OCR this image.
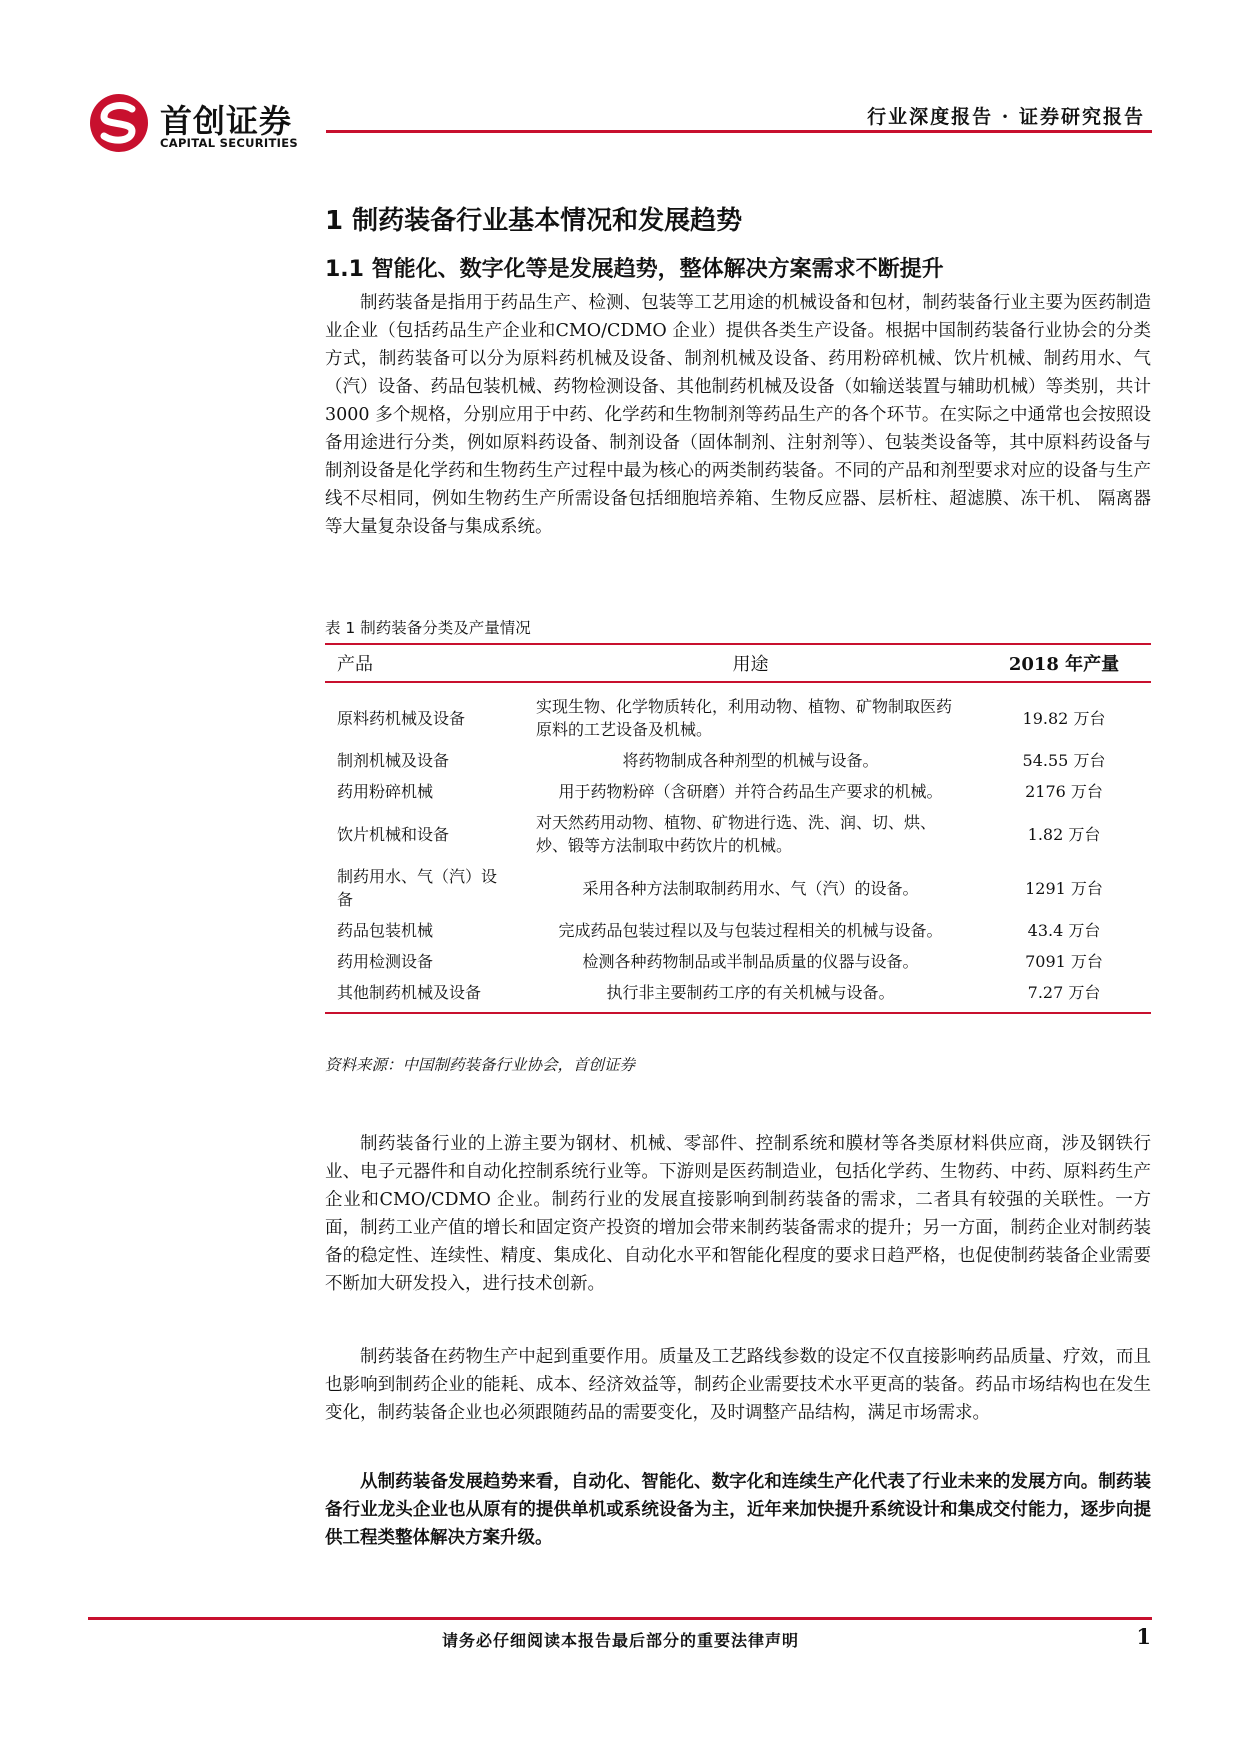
首创证券
CAPITAL SECURITIES
行业深度报告 · 证券研究报告
1 制药装备行业基本情况和发展趋势
1.1 智能化、数字化等是发展趋势，整体解决方案需求不断提升

制药装备是指用于药品生产、检测、包装等工艺用途的机械设备和包材，制药装备行业主要为医药制造业企业（包括药品生产企业和CMO/CDMO 企业）提供各类生产设备。根据中国制药装备行业协会的分类方式，制药装备可以分为原料药机械及设备、制剂机械及设备、药用粉碎机械、饮片机械、制药用水、气（汽）设备、药品包装机械、药物检测设备、其他制药机械及设备（如输送装置与辅助机械）等类别，共计 3000 多个规格，分别应用于中药、化学药和生物制剂等药品生产的各个环节。在实际之中通常也会按照设备用途进行分类，例如原料药设备、制剂设备（固体制剂、注射剂等）、包装类设备等，其中原料药设备与制剂设备是化学药和生物药生产过程中最为核心的两类制药装备。不同的产品和剂型要求对应的设备与生产线不尽相同，例如生物药生产所需设备包括细胞培养箱、生物反应器、层析柱、超滤膜、冻干机、 隔离器等大量复杂设备与集成系统。

表 1 制药装备分类及产量情况
产品	用途	2018 年产量
原料药机械及设备	实现生物、化学物质转化，利用动物、植物、矿物制取医药原料的工艺设备及机械。	19.82 万台
制剂机械及设备	将药物制成各种剂型的机械与设备。	54.55 万台
药用粉碎机械	用于药物粉碎（含研磨）并符合药品生产要求的机械。	2176 万台
饮片机械和设备	对天然药用动物、植物、矿物进行选、洗、润、切、烘、炒、锻等方法制取中药饮片的机械。	1.82 万台
制药用水、气（汽）设备	采用各种方法制取制药用水、气（汽）的设备。	1291 万台
药品包装机械	完成药品包装过程以及与包装过程相关的机械与设备。	43.4 万台
药用检测设备	检测各种药物制品或半制品质量的仪器与设备。	7091 万台
其他制药机械及设备	执行非主要制药工序的有关机械与设备。	7.27 万台
资料来源：中国制药装备行业协会，首创证券

制药装备行业的上游主要为钢材、机械、零部件、控制系统和膜材等各类原材料供应商，涉及钢铁行业、电子元器件和自动化控制系统行业等。下游则是医药制造业，包括化学药、生物药、中药、原料药生产企业和CMO/CDMO 企业。制药行业的发展直接影响到制药装备的需求，二者具有较强的关联性。一方面，制药工业产值的增长和固定资产投资的增加会带来制药装备需求的提升；另一方面，制药企业对制药装备的稳定性、连续性、精度、集成化、自动化水平和智能化程度的要求日趋严格，也促使制药装备企业需要不断加大研发投入，进行技术创新。

制药装备在药物生产中起到重要作用。质量及工艺路线参数的设定不仅直接影响药品质量、疗效，而且也影响到制药企业的能耗、成本、经济效益等，制药企业需要技术水平更高的装备。药品市场结构也在发生变化，制药装备企业也必须跟随药品的需要变化，及时调整产品结构，满足市场需求。

从制药装备发展趋势来看，自动化、智能化、数字化和连续生产化代表了行业未来的发展方向。制药装备行业龙头企业也从原有的提供单机或系统设备为主，近年来加快提升系统设计和集成交付能力，逐步向提供工程类整体解决方案升级。

请务必仔细阅读本报告最后部分的重要法律声明	1
